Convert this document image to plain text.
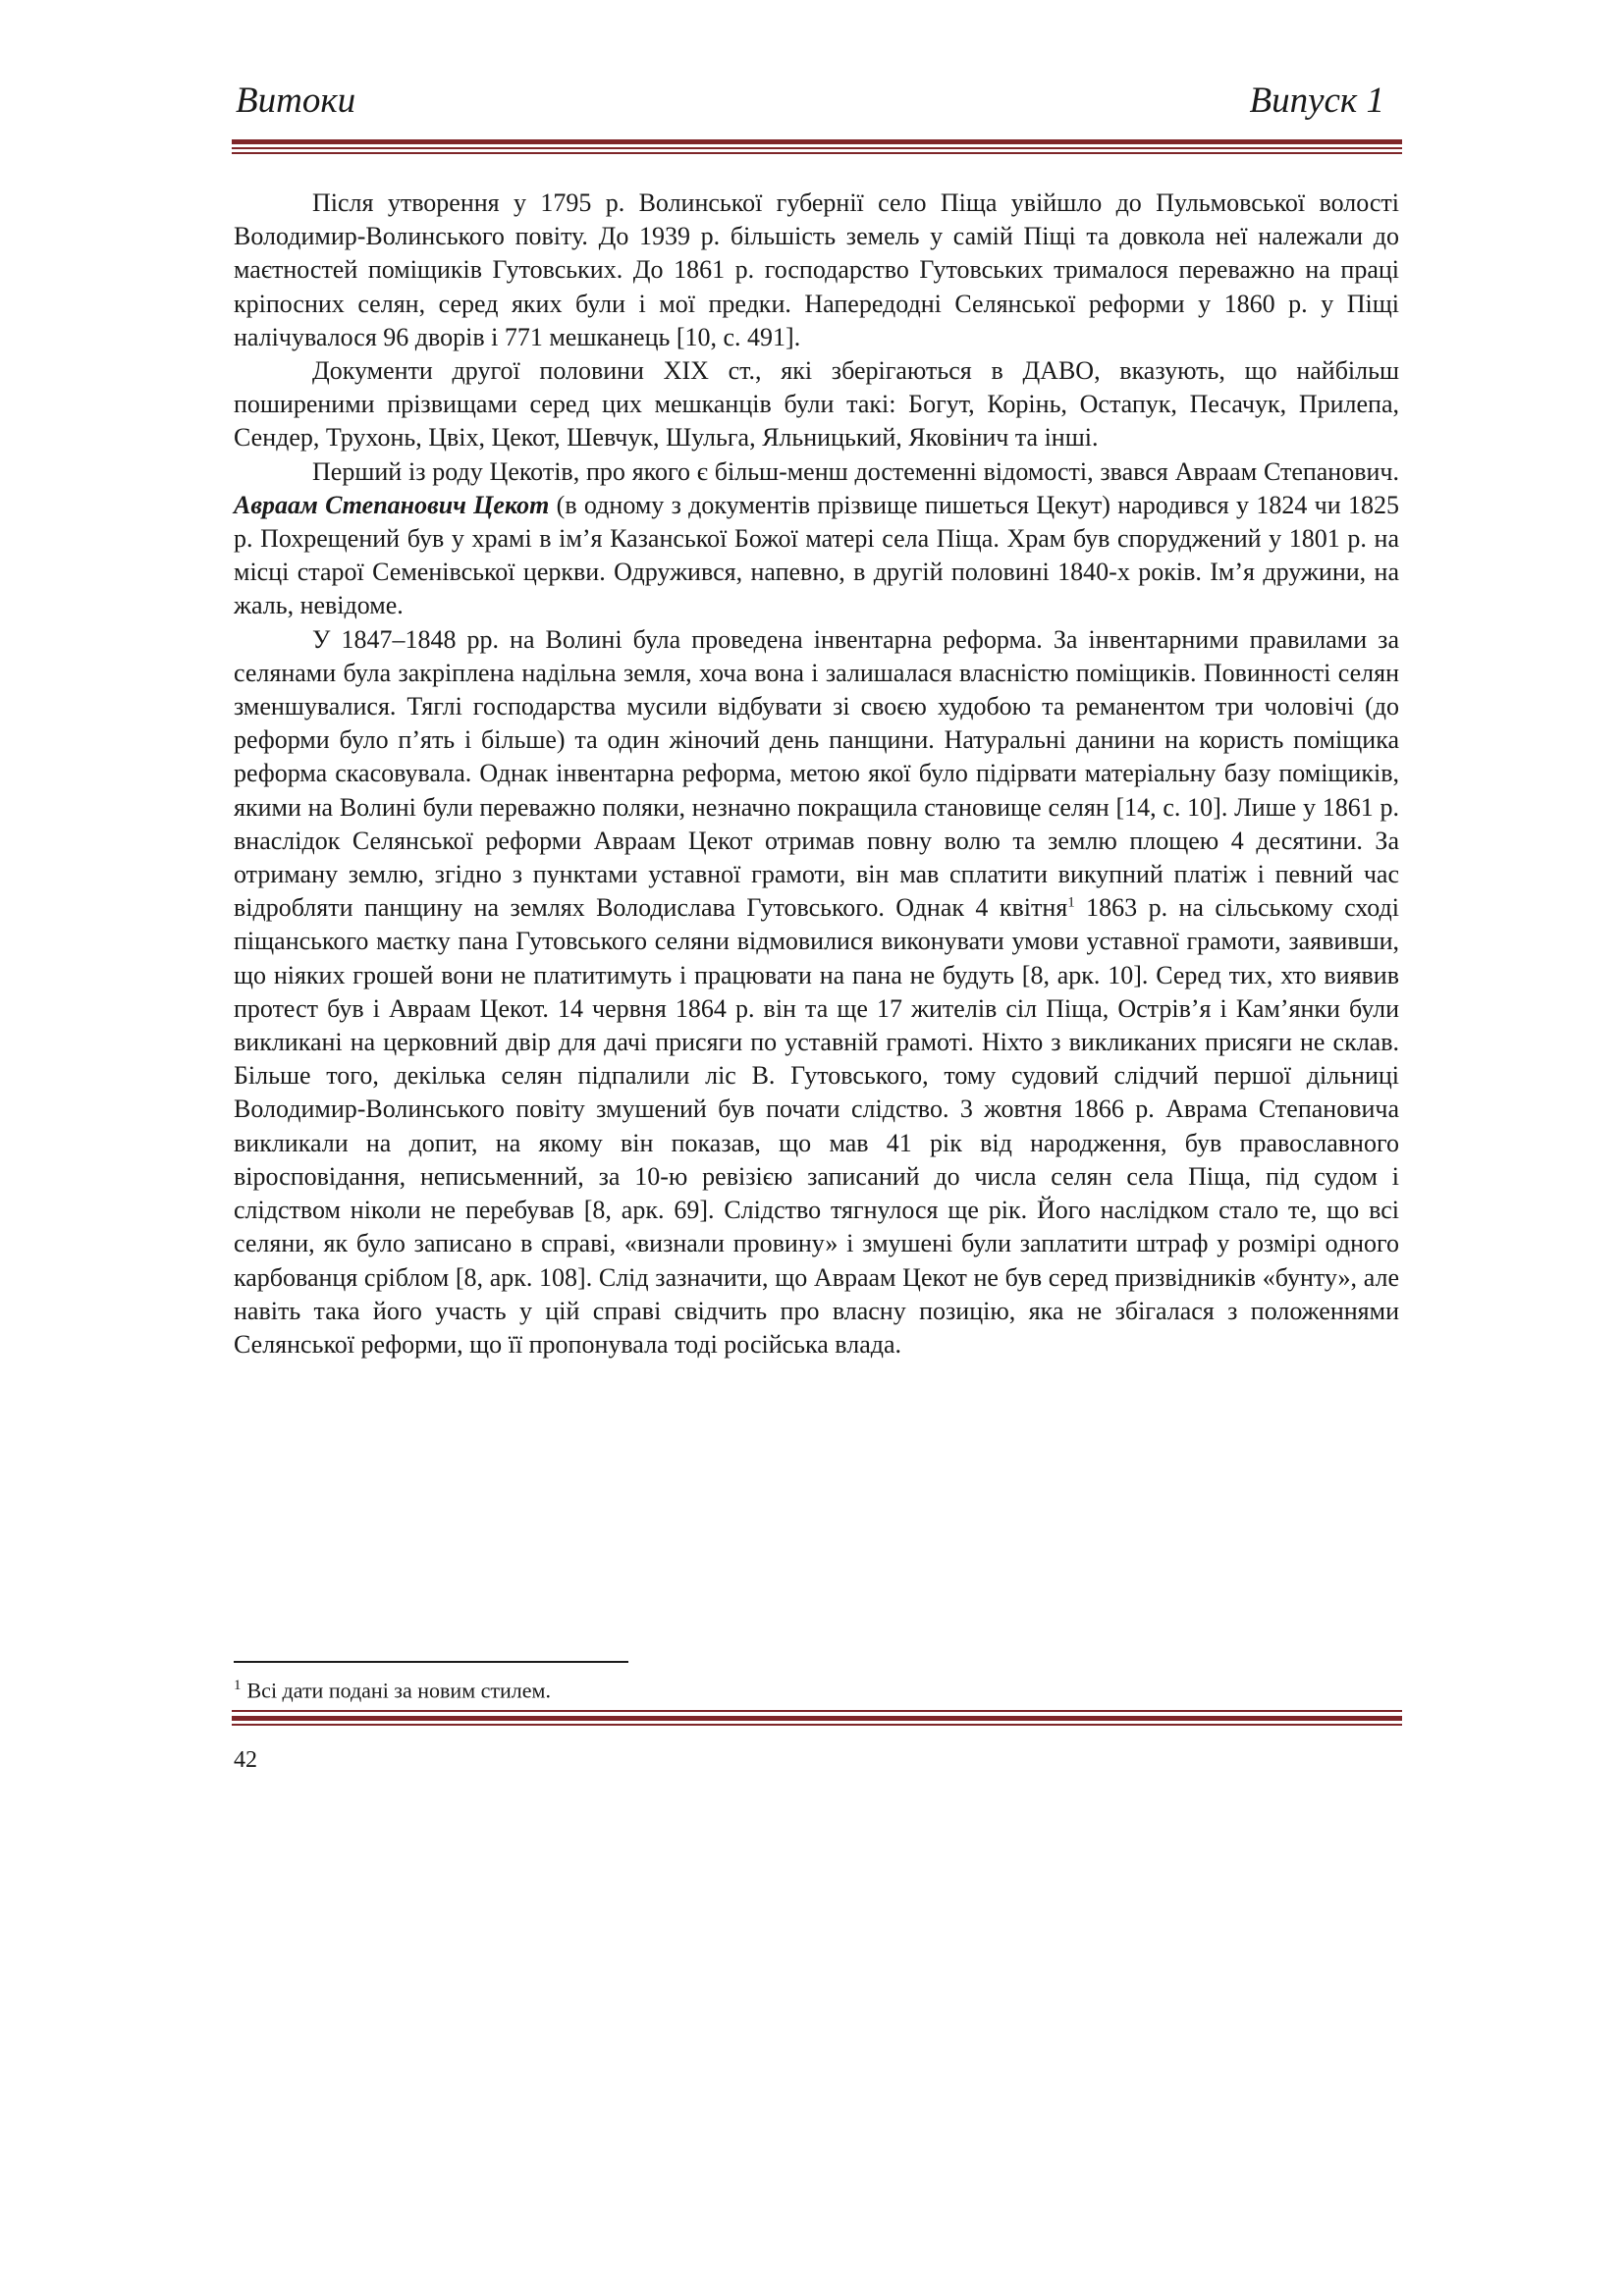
Витоки	Випуск 1

Після утворення у 1795 р. Волинської губернії село Піща увійшло до Пульмовської волості Володимир-Волинського повіту. До 1939 р. більшість земель у самій Піщі та довкола неї належали до маєтностей поміщиків Гутовських. До 1861 р. господарство Гутовських трималося переважно на праці кріпосних селян, серед яких були і мої предки. Напередодні Селянської реформи у 1860 р. у Піщі налічувалося 96 дворів і 771 мешканець [10, с. 491].

Документи другої половини XIX ст., які зберігаються в ДАВО, вказують, що найбільш поширеними прізвищами серед цих мешканців були такі: Богут, Корінь, Остапук, Песачук, Прилепа, Сендер, Трухонь, Цвіх, Цекот, Шевчук, Шульга, Яльницький, Яковінич та інші.

Перший із роду Цекотів, про якого є більш-менш достеменні відомості, звався Авраам Степанович. Авраам Степанович Цекот (в одному з документів прізвище пишеться Цекут) народився у 1824 чи 1825 р. Похрещений був у храмі в ім’я Казанської Божої матері села Піща. Храм був споруджений у 1801 р. на місці старої Семенівської церкви. Одружився, напевно, в другій половині 1840-х років. Ім’я дружини, на жаль, невідоме.

У 1847–1848 рр. на Волині була проведена інвентарна реформа. За інвентарними правилами за селянами була закріплена надільна земля, хоча вона і залишалася власністю поміщиків. Повинності селян зменшувалися. Тяглі господарства мусили відбувати зі своєю худобою та реманентом три чоловічі (до реформи було п’ять і більше) та один жіночий день панщини. Натуральні данини на користь поміщика реформа скасовувала. Однак інвентарна реформа, метою якої було підірвати матеріальну базу поміщиків, якими на Волині були переважно поляки, незначно покращила становище селян [14, с. 10]. Лише у 1861 р. внаслідок Селянської реформи Авраам Цекот отримав повну волю та землю площею 4 десятини. За отриману землю, згідно з пунктами уставної грамоти, він мав сплатити викупний платіж і певний час відробляти панщину на землях Володислава Гутовського. Однак 4 квітня$^1$ 1863 р. на сільському сході піщанського маєтку пана Гутовського селяни відмовилися виконувати умови уставної грамоти, заявивши, що ніяких грошей вони не платитимуть і працювати на пана не будуть [8, арк. 10]. Серед тих, хто виявив протест був і Авраам Цекот. 14 червня 1864 р. він та ще 17 жителів сіл Піща, Острів’я і Кам’янки були викликані на церковний двір для дачі присяги по уставній грамоті. Ніхто з викликаних присяги не склав. Більше того, декілька селян підпалили ліс В. Гутовського, тому судовий слідчий першої дільниці Володимир-Волинського повіту змушений був почати слідство. 3 жовтня 1866 р. Аврама Степановича викликали на допит, на якому він показав, що мав 41 рік від народження, був православного віросповідання, неписьменний, за 10-ю ревізією записаний до числа селян села Піща, під судом і слідством ніколи не перебував [8, арк. 69]. Слідство тягнулося ще рік. Його наслідком стало те, що всі селяни, як було записано в справі, «визнали провину» і змушені були заплатити штраф у розмірі одного карбованця сріблом [8, арк. 108]. Слід зазначити, що Авраам Цекот не був серед призвідників «бунту», але навіть така його участь у цій справі свідчить про власну позицію, яка не збігалася з положеннями Селянської реформи, що її пропонувала тоді російська влада.

$^1$ Всі дати подані за новим стилем.
42
